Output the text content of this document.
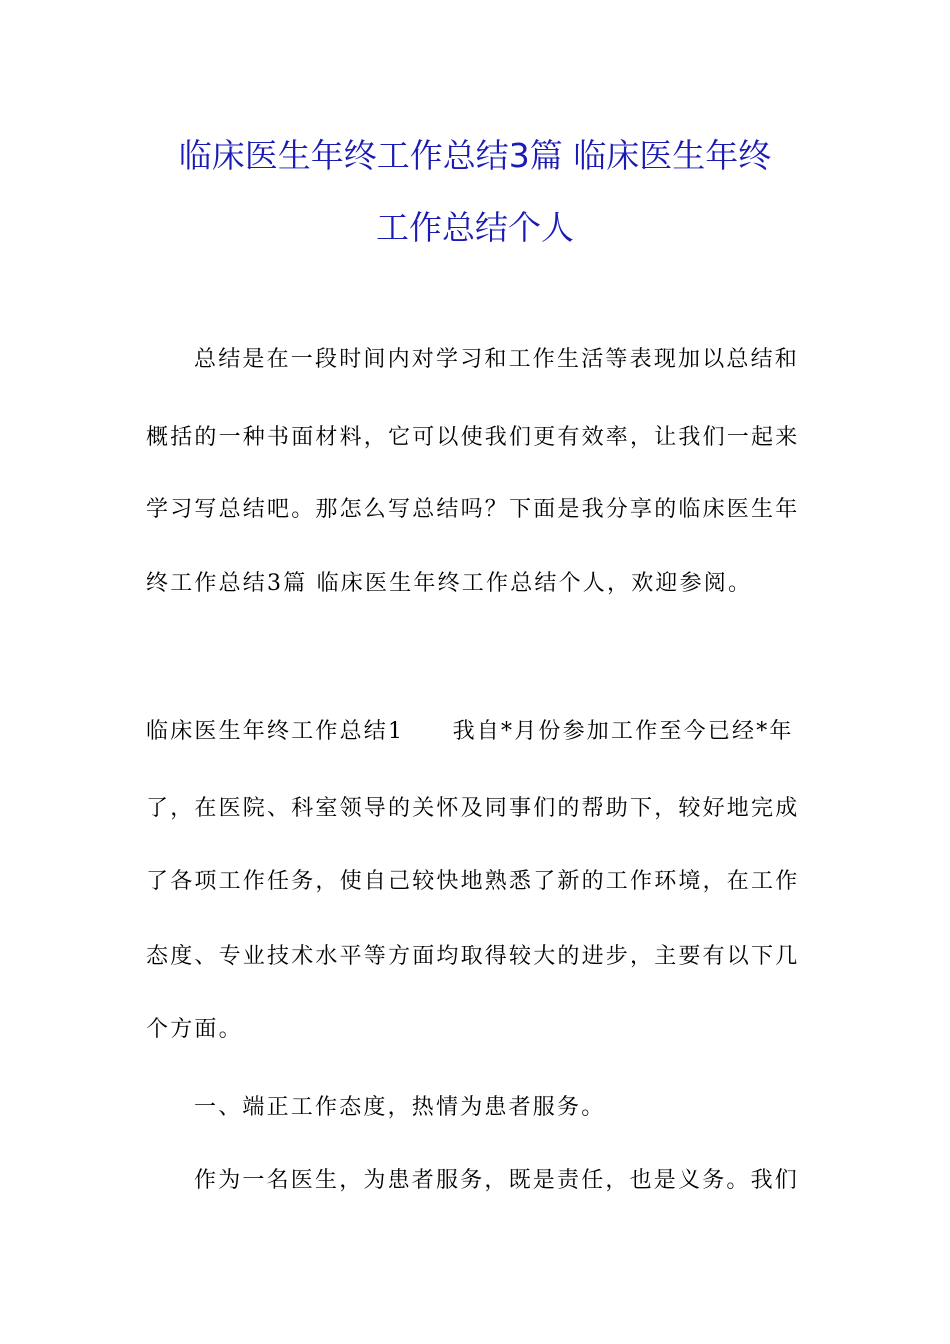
临床医生年终工作总结3篇 临床医生年终
工作总结个人
总结是在一段时间内对学习和工作生活等表现加以总结和
概括的一种书面材料，它可以使我们更有效率，让我们一起来
学习写总结吧。那怎么写总结吗？下面是我分享的临床医生年
终工作总结3篇 临床医生年终工作总结个人，欢迎参阅。
临床医生年终工作总结1　　我自*月份参加工作至今已经*年
了，在医院、科室领导的关怀及同事们的帮助下，较好地完成
了各项工作任务，使自己较快地熟悉了新的工作环境，在工作
态度、专业技术水平等方面均取得较大的进步，主要有以下几
个方面。
一、端正工作态度，热情为患者服务。
作为一名医生，为患者服务，既是责任，也是义务。我们
